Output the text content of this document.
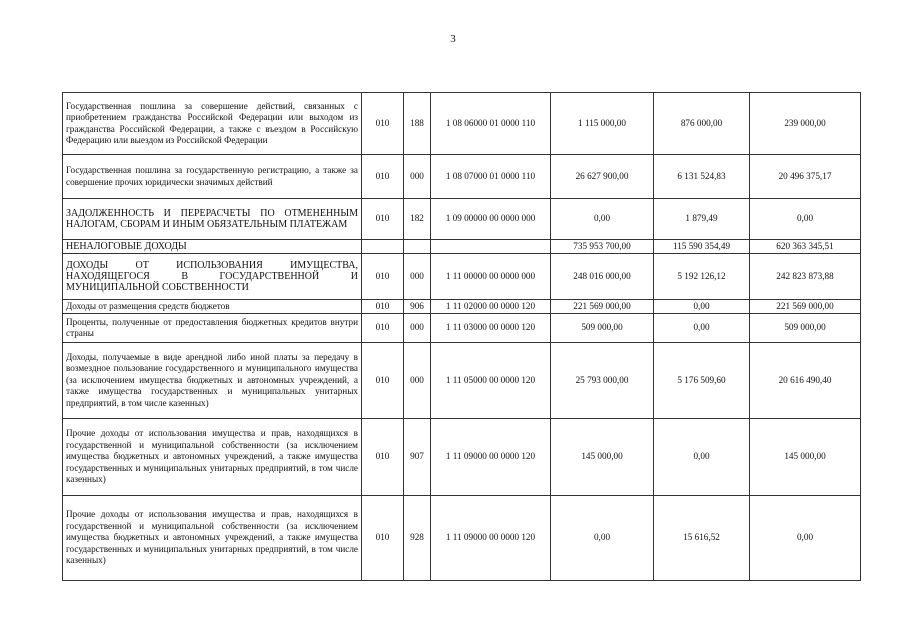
3
Государственная пошлина за совершение действий, связанных с приобретением гражданства Российской Федерации или выходом из гражданства Российской Федерации, а также с въездом в Российскую Федерацию или выездом из Российской Федерации	010	188	1 08 06000 01 0000 110	1 115 000,00	876 000,00	239 000,00
Государственная пошлина за государственную регистрацию, а также за совершение прочих юридически значимых действий	010	000	1 08 07000 01 0000 110	26 627 900,00	6 131 524,83	20 496 375,17
ЗАДОЛЖЕННОСТЬ И ПЕРЕРАСЧЕТЫ ПО ОТМЕНЕННЫМ НАЛОГАМ, СБОРАМ И ИНЫМ ОБЯЗАТЕЛЬНЫМ ПЛАТЕЖАМ	010	182	1 09 00000 00 0000 000	0,00	1 879,49	0,00
НЕНАЛОГОВЫЕ ДОХОДЫ				735 953 700,00	115 590 354,49	620 363 345,51
ДОХОДЫ ОТ ИСПОЛЬЗОВАНИЯ ИМУЩЕСТВА, НАХОДЯЩЕГОСЯ В ГОСУДАРСТВЕННОЙ И МУНИЦИПАЛЬНОЙ СОБСТВЕННОСТИ	010	000	1 11 00000 00 0000 000	248 016 000,00	5 192 126,12	242 823 873,88
Доходы от размещения средств бюджетов	010	906	1 11 02000 00 0000 120	221 569 000,00	0,00	221 569 000,00
Проценты, полученные от предоставления бюджетных кредитов внутри страны	010	000	1 11 03000 00 0000 120	509 000,00	0,00	509 000,00
Доходы, получаемые в виде арендной либо иной платы за передачу в возмездное пользование государственного и муниципального имущества (за исключением имущества бюджетных и автономных учреждений, а также имущества государственных и муниципальных унитарных предприятий, в том числе казенных)	010	000	1 11 05000 00 0000 120	25 793 000,00	5 176 509,60	20 616 490,40
Прочие доходы от использования имущества и прав, находящихся в государственной и муниципальной собственности (за исключением имущества бюджетных и автономных учреждений, а также имущества государственных и муниципальных унитарных предприятий, в том числе казенных)	010	907	1 11 09000 00 0000 120	145 000,00	0,00	145 000,00
Прочие доходы от использования имущества и прав, находящихся в государственной и муниципальной собственности (за исключением имущества бюджетных и автономных учреждений, а также имущества государственных и муниципальных унитарных предприятий, в том числе казенных)	010	928	1 11 09000 00 0000 120	0,00	15 616,52	0,00
